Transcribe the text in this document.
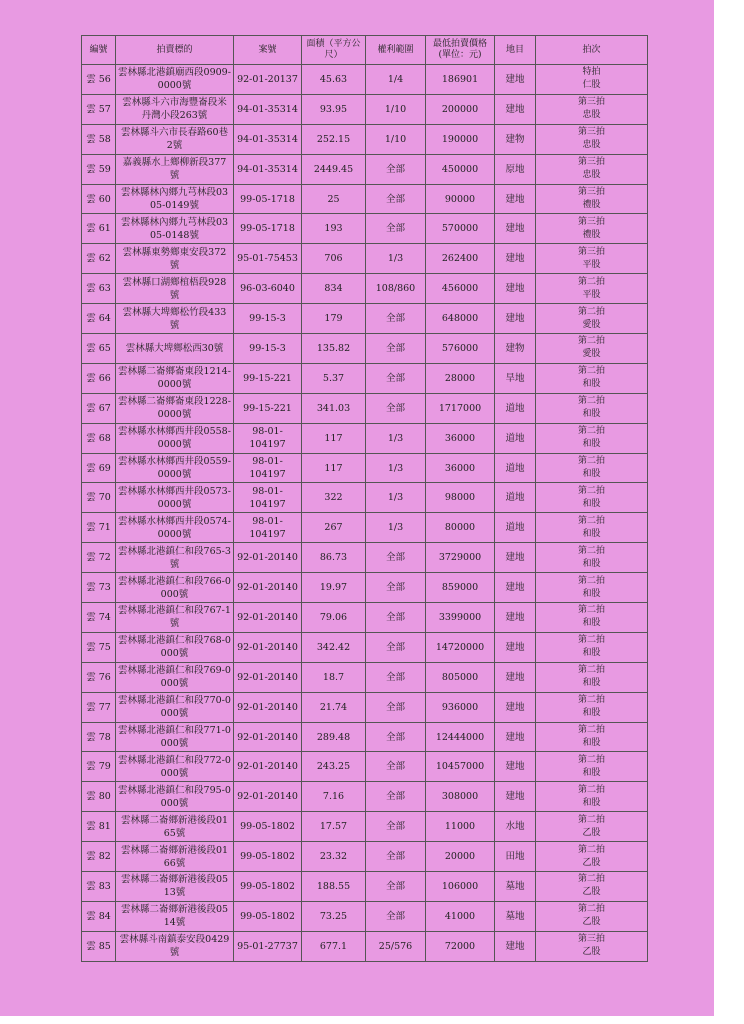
編號	拍賣標的	案號	面積（平方公尺）	權利範圍	最低拍賣價格(單位：元)	地目	拍次
雲 56	雲林縣北港鎮廟西段0909-0000號	92-01-20137	45.63	1/4	186901	建地	特拍
仁股

雲 57	雲林縣斗六市海豐崙段米丹灣小段263號	94-01-35314	93.95	1/10	200000	建地	第三拍
忠股

雲 58	雲林縣斗六市長春路60巷2號	94-01-35314	252.15	1/10	190000	建物	第三拍
忠股

雲 59	嘉義縣水上鄉柳新段377號	94-01-35314	2449.45	全部	450000	原地	第三拍
忠股

雲 60	雲林縣林內鄉九芎林段0305-0149號	99-05-1718	25	全部	90000	建地	第三拍
禮股

雲 61	雲林縣林內鄉九芎林段0305-0148號	99-05-1718	193	全部	570000	建地	第三拍
禮股

雲 62	雲林縣東勢鄉東安段372號	95-01-75453	706	1/3	262400	建地	第三拍
平股

雲 63	雲林縣口湖鄉椬梧段928號	96-03-6040	834	108/860	456000	建地	第二拍
平股

雲 64	雲林縣大埤鄉松竹段433號	99-15-3	179	全部	648000	建地	第二拍
愛股

雲 65	雲林縣大埤鄉松西30號	99-15-3	135.82	全部	576000	建物	第二拍
愛股

雲 66	雲林縣二崙鄉崙東段1214-0000號	99-15-221	5.37	全部	28000	旱地	第二拍
和股

雲 67	雲林縣二崙鄉崙東段1228-0000號	99-15-221	341.03	全部	1717000	道地	第二拍
和股

雲 68	雲林縣水林鄉西井段0558-0000號	98-01-104197	117	1/3	36000	道地	第二拍
和股

雲 69	雲林縣水林鄉西井段0559-0000號	98-01-104197	117	1/3	36000	道地	第二拍
和股

雲 70	雲林縣水林鄉西井段0573-0000號	98-01-104197	322	1/3	98000	道地	第二拍
和股

雲 71	雲林縣水林鄉西井段0574-0000號	98-01-104197	267	1/3	80000	道地	第二拍
和股

雲 72	雲林縣北港鎮仁和段765-3號	92-01-20140	86.73	全部	3729000	建地	第二拍
和股

雲 73	雲林縣北港鎮仁和段766-0000號	92-01-20140	19.97	全部	859000	建地	第二拍
和股

雲 74	雲林縣北港鎮仁和段767-1號	92-01-20140	79.06	全部	3399000	建地	第二拍
和股

雲 75	雲林縣北港鎮仁和段768-0000號	92-01-20140	342.42	全部	14720000	建地	第二拍
和股

雲 76	雲林縣北港鎮仁和段769-0000號	92-01-20140	18.7	全部	805000	建地	第二拍
和股

雲 77	雲林縣北港鎮仁和段770-0000號	92-01-20140	21.74	全部	936000	建地	第二拍
和股

雲 78	雲林縣北港鎮仁和段771-0000號	92-01-20140	289.48	全部	12444000	建地	第二拍
和股

雲 79	雲林縣北港鎮仁和段772-0000號	92-01-20140	243.25	全部	10457000	建地	第二拍
和股

雲 80	雲林縣北港鎮仁和段795-0000號	92-01-20140	7.16	全部	308000	建地	第二拍
和股

雲 81	雲林縣二崙鄉新港後段0165號	99-05-1802	17.57	全部	11000	水地	第二拍
乙股

雲 82	雲林縣二崙鄉新港後段0166號	99-05-1802	23.32	全部	20000	田地	第二拍
乙股

雲 83	雲林縣二崙鄉新港後段0513號	99-05-1802	188.55	全部	106000	墓地	第二拍
乙股

雲 84	雲林縣二崙鄉新港後段0514號	99-05-1802	73.25	全部	41000	墓地	第二拍
乙股

雲 85	雲林縣斗南鎮泰安段0429號	95-01-27737	677.1	25/576	72000	建地	第三拍
乙股
